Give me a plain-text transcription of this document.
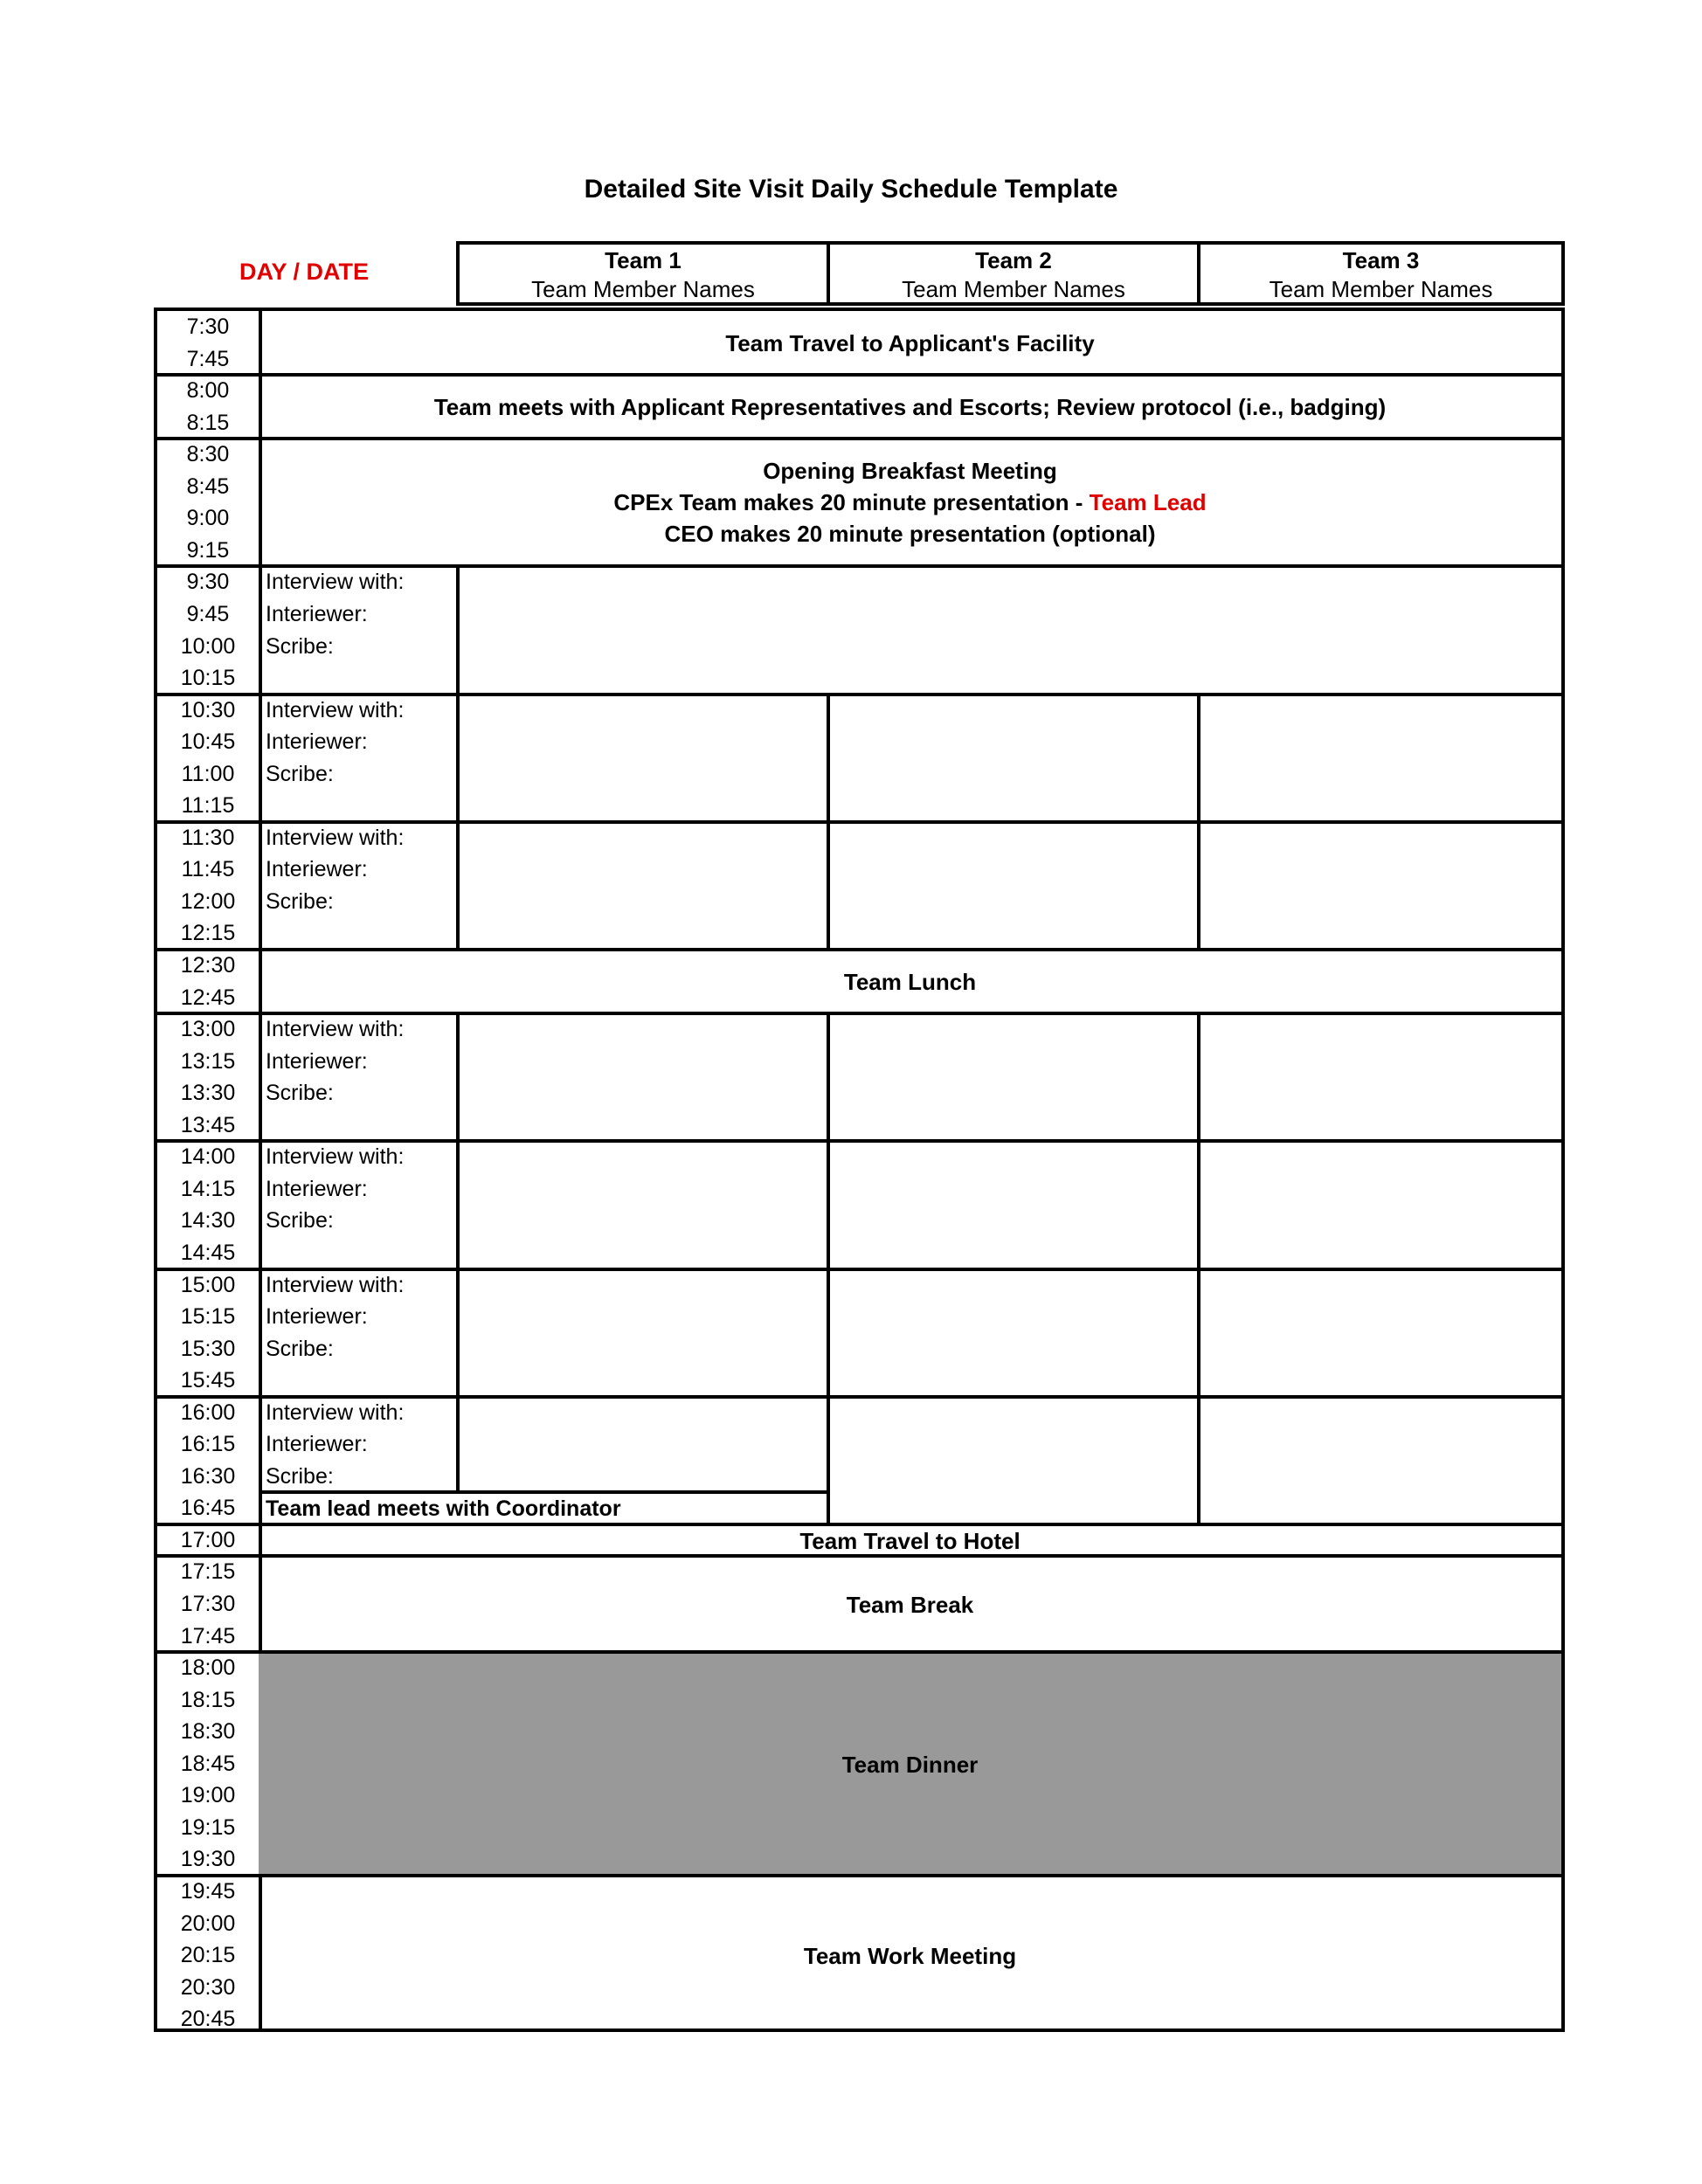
Detailed Site Visit Daily Schedule Template
DAY / DATE	Team 1
Team Member Names
Team 2
Team Member Names
Team 3
Team Member Names
Team Travel to Applicant's Facility
Team meets with Applicant Representatives and Escorts; Review protocol (i.e., badging)
Opening Breakfast Meeting
CPEx Team makes 20 minute presentation - Team Lead
CEO makes 20 minute presentation (optional)
Team Lunch
Team Travel to Hotel
Team Break
Team Dinner
Team Work Meeting
Team lead meets with Coordinator
7:30
7:45
8:00
8:15
8:30
8:45
9:00
9:15
9:30
9:45
10:00
10:15
10:30
10:45
11:00
11:15
11:30
11:45
12:00
12:15
12:30
12:45
13:00
13:15
13:30
13:45
14:00
14:15
14:30
14:45
15:00
15:15
15:30
15:45
16:00
16:15
16:30
16:45
17:00
17:15
17:30
17:45
18:00
18:15
18:30
18:45
19:00
19:15
19:30
19:45
20:00
20:15
20:30
20:45
Interview with:
Interiewer:
Scribe:
Interview with:
Interiewer:
Scribe:
Interview with:
Interiewer:
Scribe:
Interview with:
Interiewer:
Scribe:
Interview with:
Interiewer:
Scribe:
Interview with:
Interiewer:
Scribe:
Interview with:
Interiewer:
Scribe:
